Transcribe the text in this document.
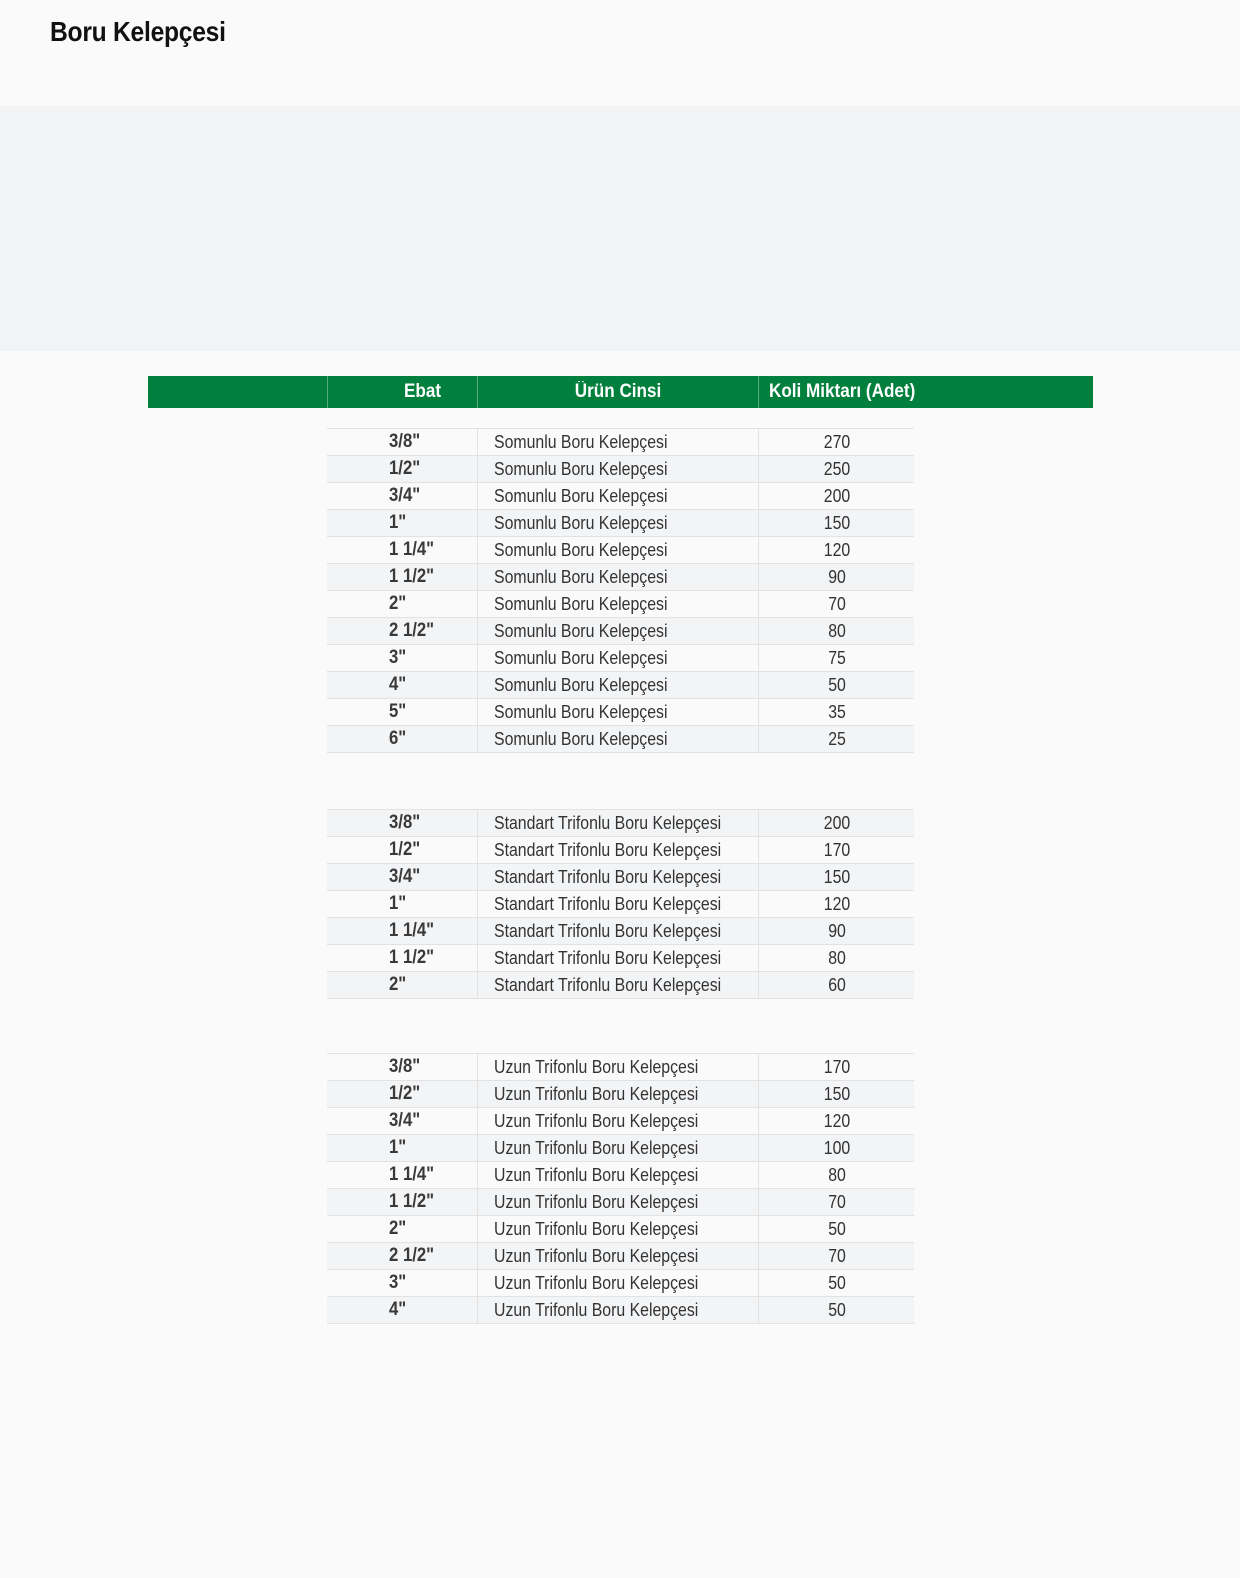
Boru Kelepçesi
Ebat	Ürün Cinsi	Koli Miktarı (Adet)
3/8"	Somunlu Boru Kelepçesi	270
1/2"	Somunlu Boru Kelepçesi	250
3/4"	Somunlu Boru Kelepçesi	200
1"	Somunlu Boru Kelepçesi	150
1 1/4"	Somunlu Boru Kelepçesi	120
1 1/2"	Somunlu Boru Kelepçesi	90
2"	Somunlu Boru Kelepçesi	70
2 1/2"	Somunlu Boru Kelepçesi	80
3"	Somunlu Boru Kelepçesi	75
4"	Somunlu Boru Kelepçesi	50
5"	Somunlu Boru Kelepçesi	35
6"	Somunlu Boru Kelepçesi	25
3/8"	Standart Trifonlu Boru Kelepçesi	200
1/2"	Standart Trifonlu Boru Kelepçesi	170
3/4"	Standart Trifonlu Boru Kelepçesi	150
1"	Standart Trifonlu Boru Kelepçesi	120
1 1/4"	Standart Trifonlu Boru Kelepçesi	90
1 1/2"	Standart Trifonlu Boru Kelepçesi	80
2"	Standart Trifonlu Boru Kelepçesi	60
3/8"	Uzun Trifonlu Boru Kelepçesi	170
1/2"	Uzun Trifonlu Boru Kelepçesi	150
3/4"	Uzun Trifonlu Boru Kelepçesi	120
1"	Uzun Trifonlu Boru Kelepçesi	100
1 1/4"	Uzun Trifonlu Boru Kelepçesi	80
1 1/2"	Uzun Trifonlu Boru Kelepçesi	70
2"	Uzun Trifonlu Boru Kelepçesi	50
2 1/2"	Uzun Trifonlu Boru Kelepçesi	70
3"	Uzun Trifonlu Boru Kelepçesi	50
4"	Uzun Trifonlu Boru Kelepçesi	50
